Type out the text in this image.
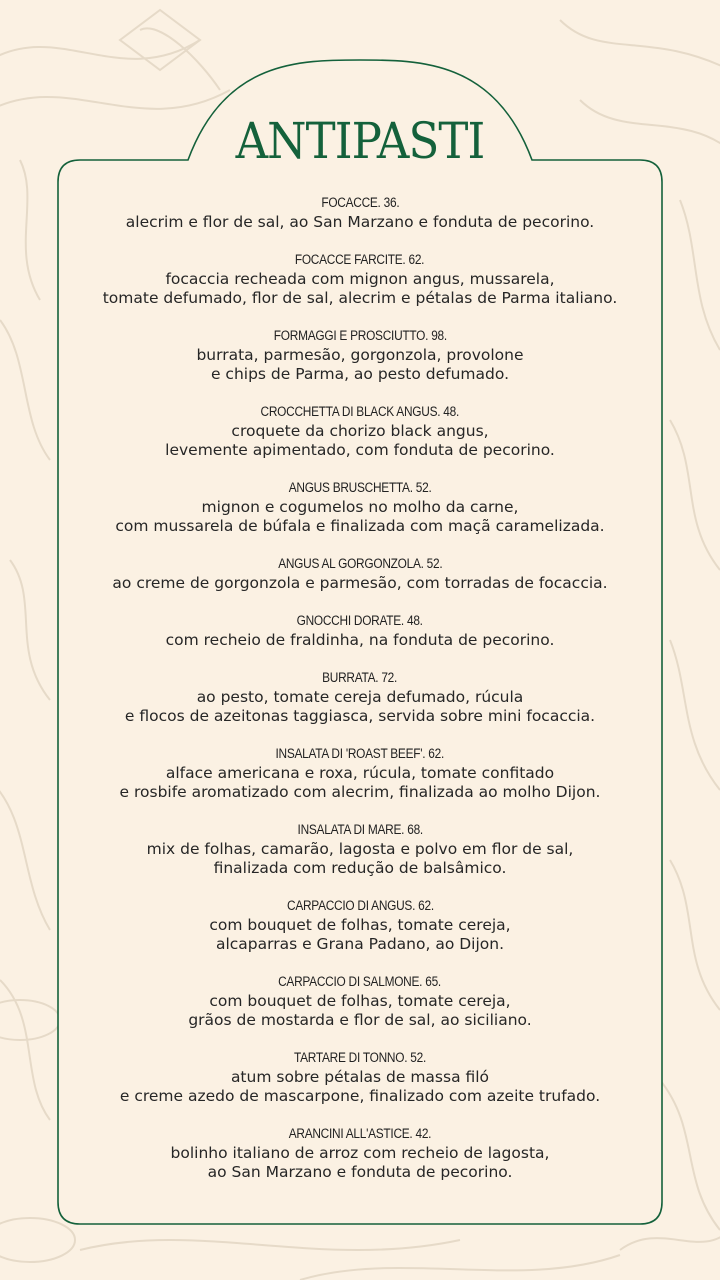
ANTIPASTI
FOCACCE. 36.
alecrim e flor de sal, ao San Marzano e fonduta de pecorino.
FOCACCE FARCITE. 62.
focaccia recheada com mignon angus, mussarela,
tomate defumado, flor de sal, alecrim e pétalas de Parma italiano.
FORMAGGI E PROSCIUTTO. 98.
burrata, parmesão, gorgonzola, provolone
e chips de Parma, ao pesto defumado.
CROCCHETTA DI BLACK ANGUS. 48.
croquete da chorizo black angus,
levemente apimentado, com fonduta de pecorino.
ANGUS BRUSCHETTA. 52.
mignon e cogumelos no molho da carne,
com mussarela de búfala e finalizada com maçã caramelizada.
ANGUS AL GORGONZOLA. 52.
ao creme de gorgonzola e parmesão, com torradas de focaccia.
GNOCCHI DORATE. 48.
com recheio de fraldinha, na fonduta de pecorino.
BURRATA. 72.
ao pesto, tomate cereja defumado, rúcula
e flocos de azeitonas taggiasca, servida sobre mini focaccia.
INSALATA DI 'ROAST BEEF'. 62.
alface americana e roxa, rúcula, tomate confitado
e rosbife aromatizado com alecrim, finalizada ao molho Dijon.
INSALATA DI MARE. 68.
mix de folhas, camarão, lagosta e polvo em flor de sal,
finalizada com redução de balsâmico.
CARPACCIO DI ANGUS. 62.
com bouquet de folhas, tomate cereja,
alcaparras e Grana Padano, ao Dijon.
CARPACCIO DI SALMONE. 65.
com bouquet de folhas, tomate cereja,
grãos de mostarda e flor de sal, ao siciliano.
TARTARE DI TONNO. 52.
atum sobre pétalas de massa filó
e creme azedo de mascarpone, finalizado com azeite trufado.
ARANCINI ALL'ASTICE. 42.
bolinho italiano de arroz com recheio de lagosta,
ao San Marzano e fonduta de pecorino.
